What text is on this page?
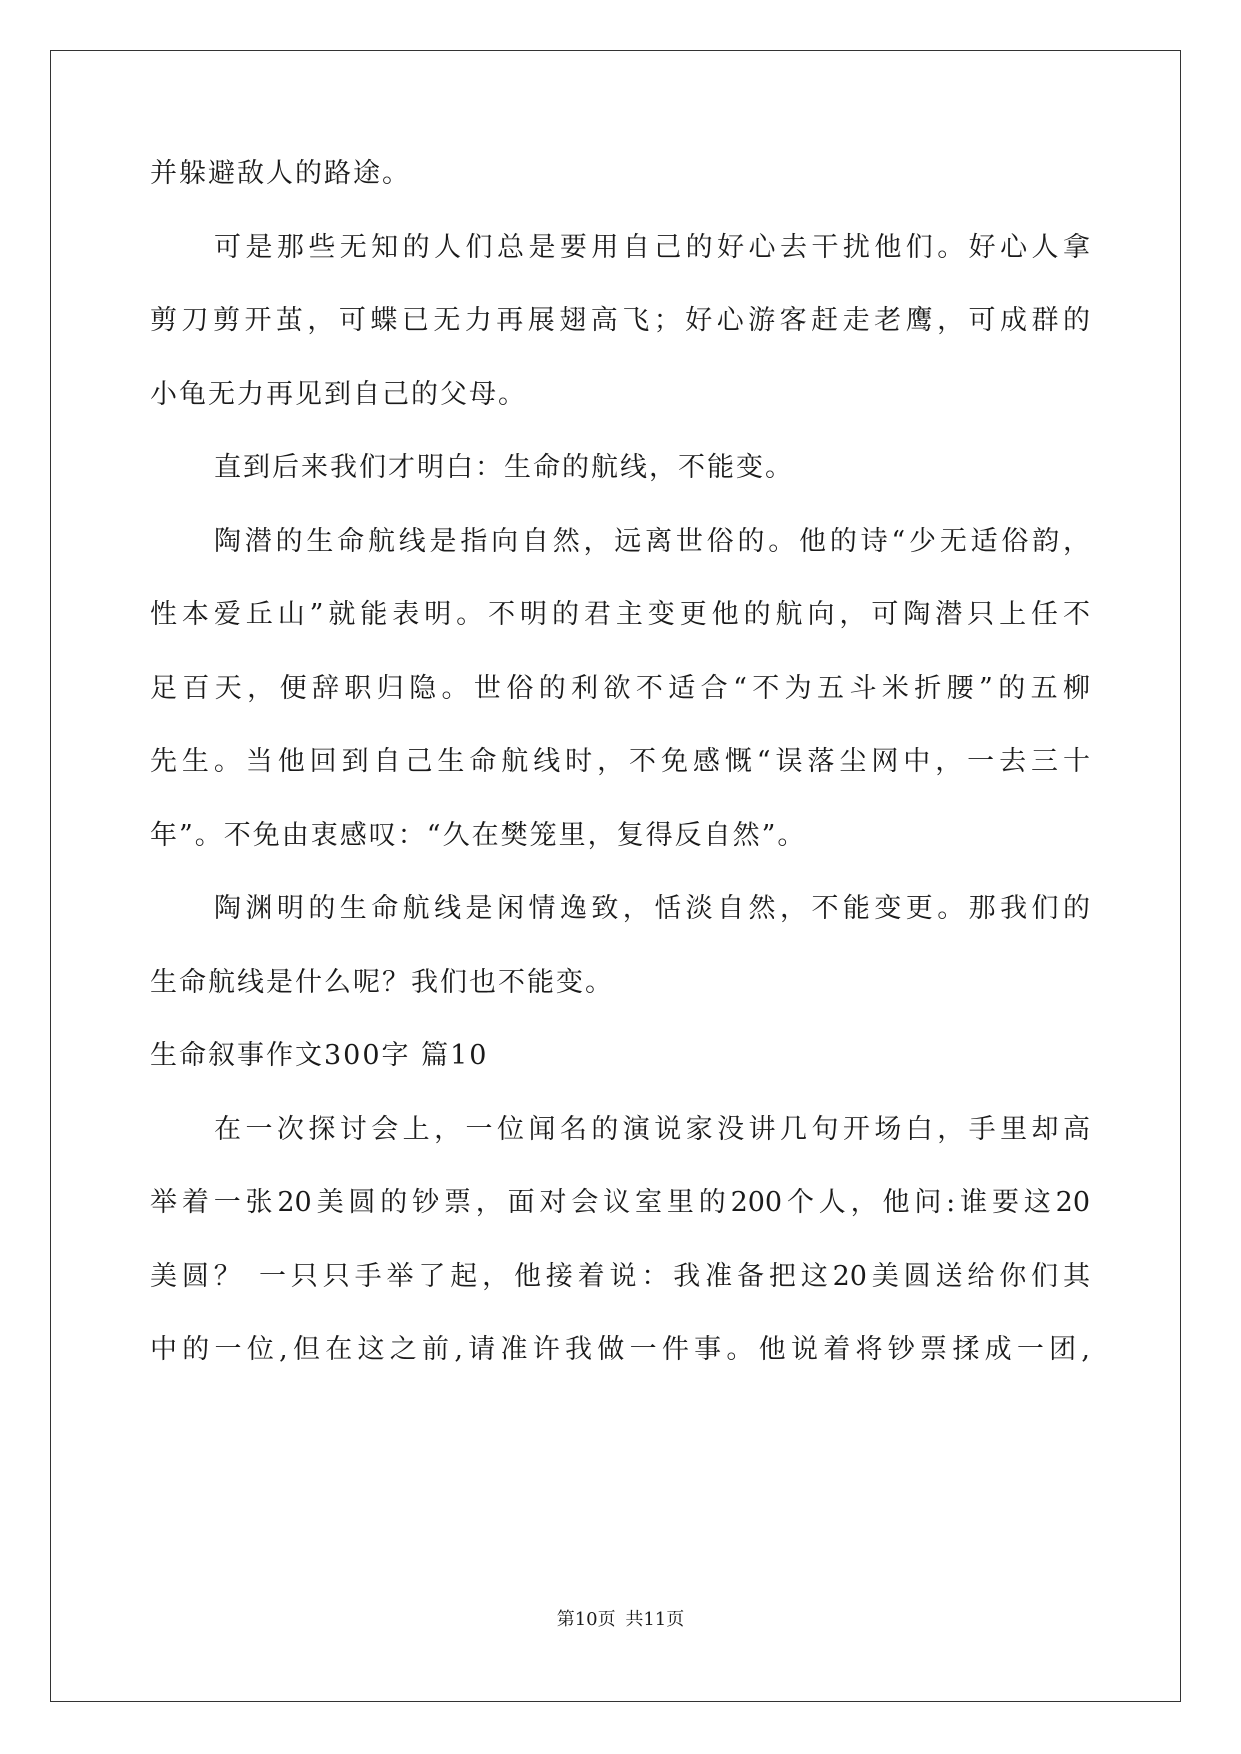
并躲避敌人的路途。
可是那些无知的人们总是要用自己的好心去干扰他们。好心人拿
剪刀剪开茧，可蝶已无力再展翅高飞；好心游客赶走老鹰，可成群的
小龟无力再见到自己的父母。
直到后来我们才明白：生命的航线，不能变。
陶潜的生命航线是指向自然，远离世俗的。他的诗“少无适俗韵，
性本爱丘山”就能表明。不明的君主变更他的航向，可陶潜只上任不
足百天，便辞职归隐。世俗的利欲不适合“不为五斗米折腰”的五柳
先生。当他回到自己生命航线时，不免感慨“误落尘网中，一去三十
年”。不免由衷感叹：“久在樊笼里，复得反自然”。
陶渊明的生命航线是闲情逸致，恬淡自然，不能变更。那我们的
生命航线是什么呢？我们也不能变。
生命叙事作文300字 篇10
在一次探讨会上，一位闻名的演说家没讲几句开场白，手里却高
举着一张20美圆的钞票，面对会议室里的200个人，他问:谁要这20
美圆？ 一只只手举了起，他接着说：我准备把这20美圆送给你们其
中的一位,但在这之前,请准许我做一件事。他说着将钞票揉成一团,
第10页 共11页
